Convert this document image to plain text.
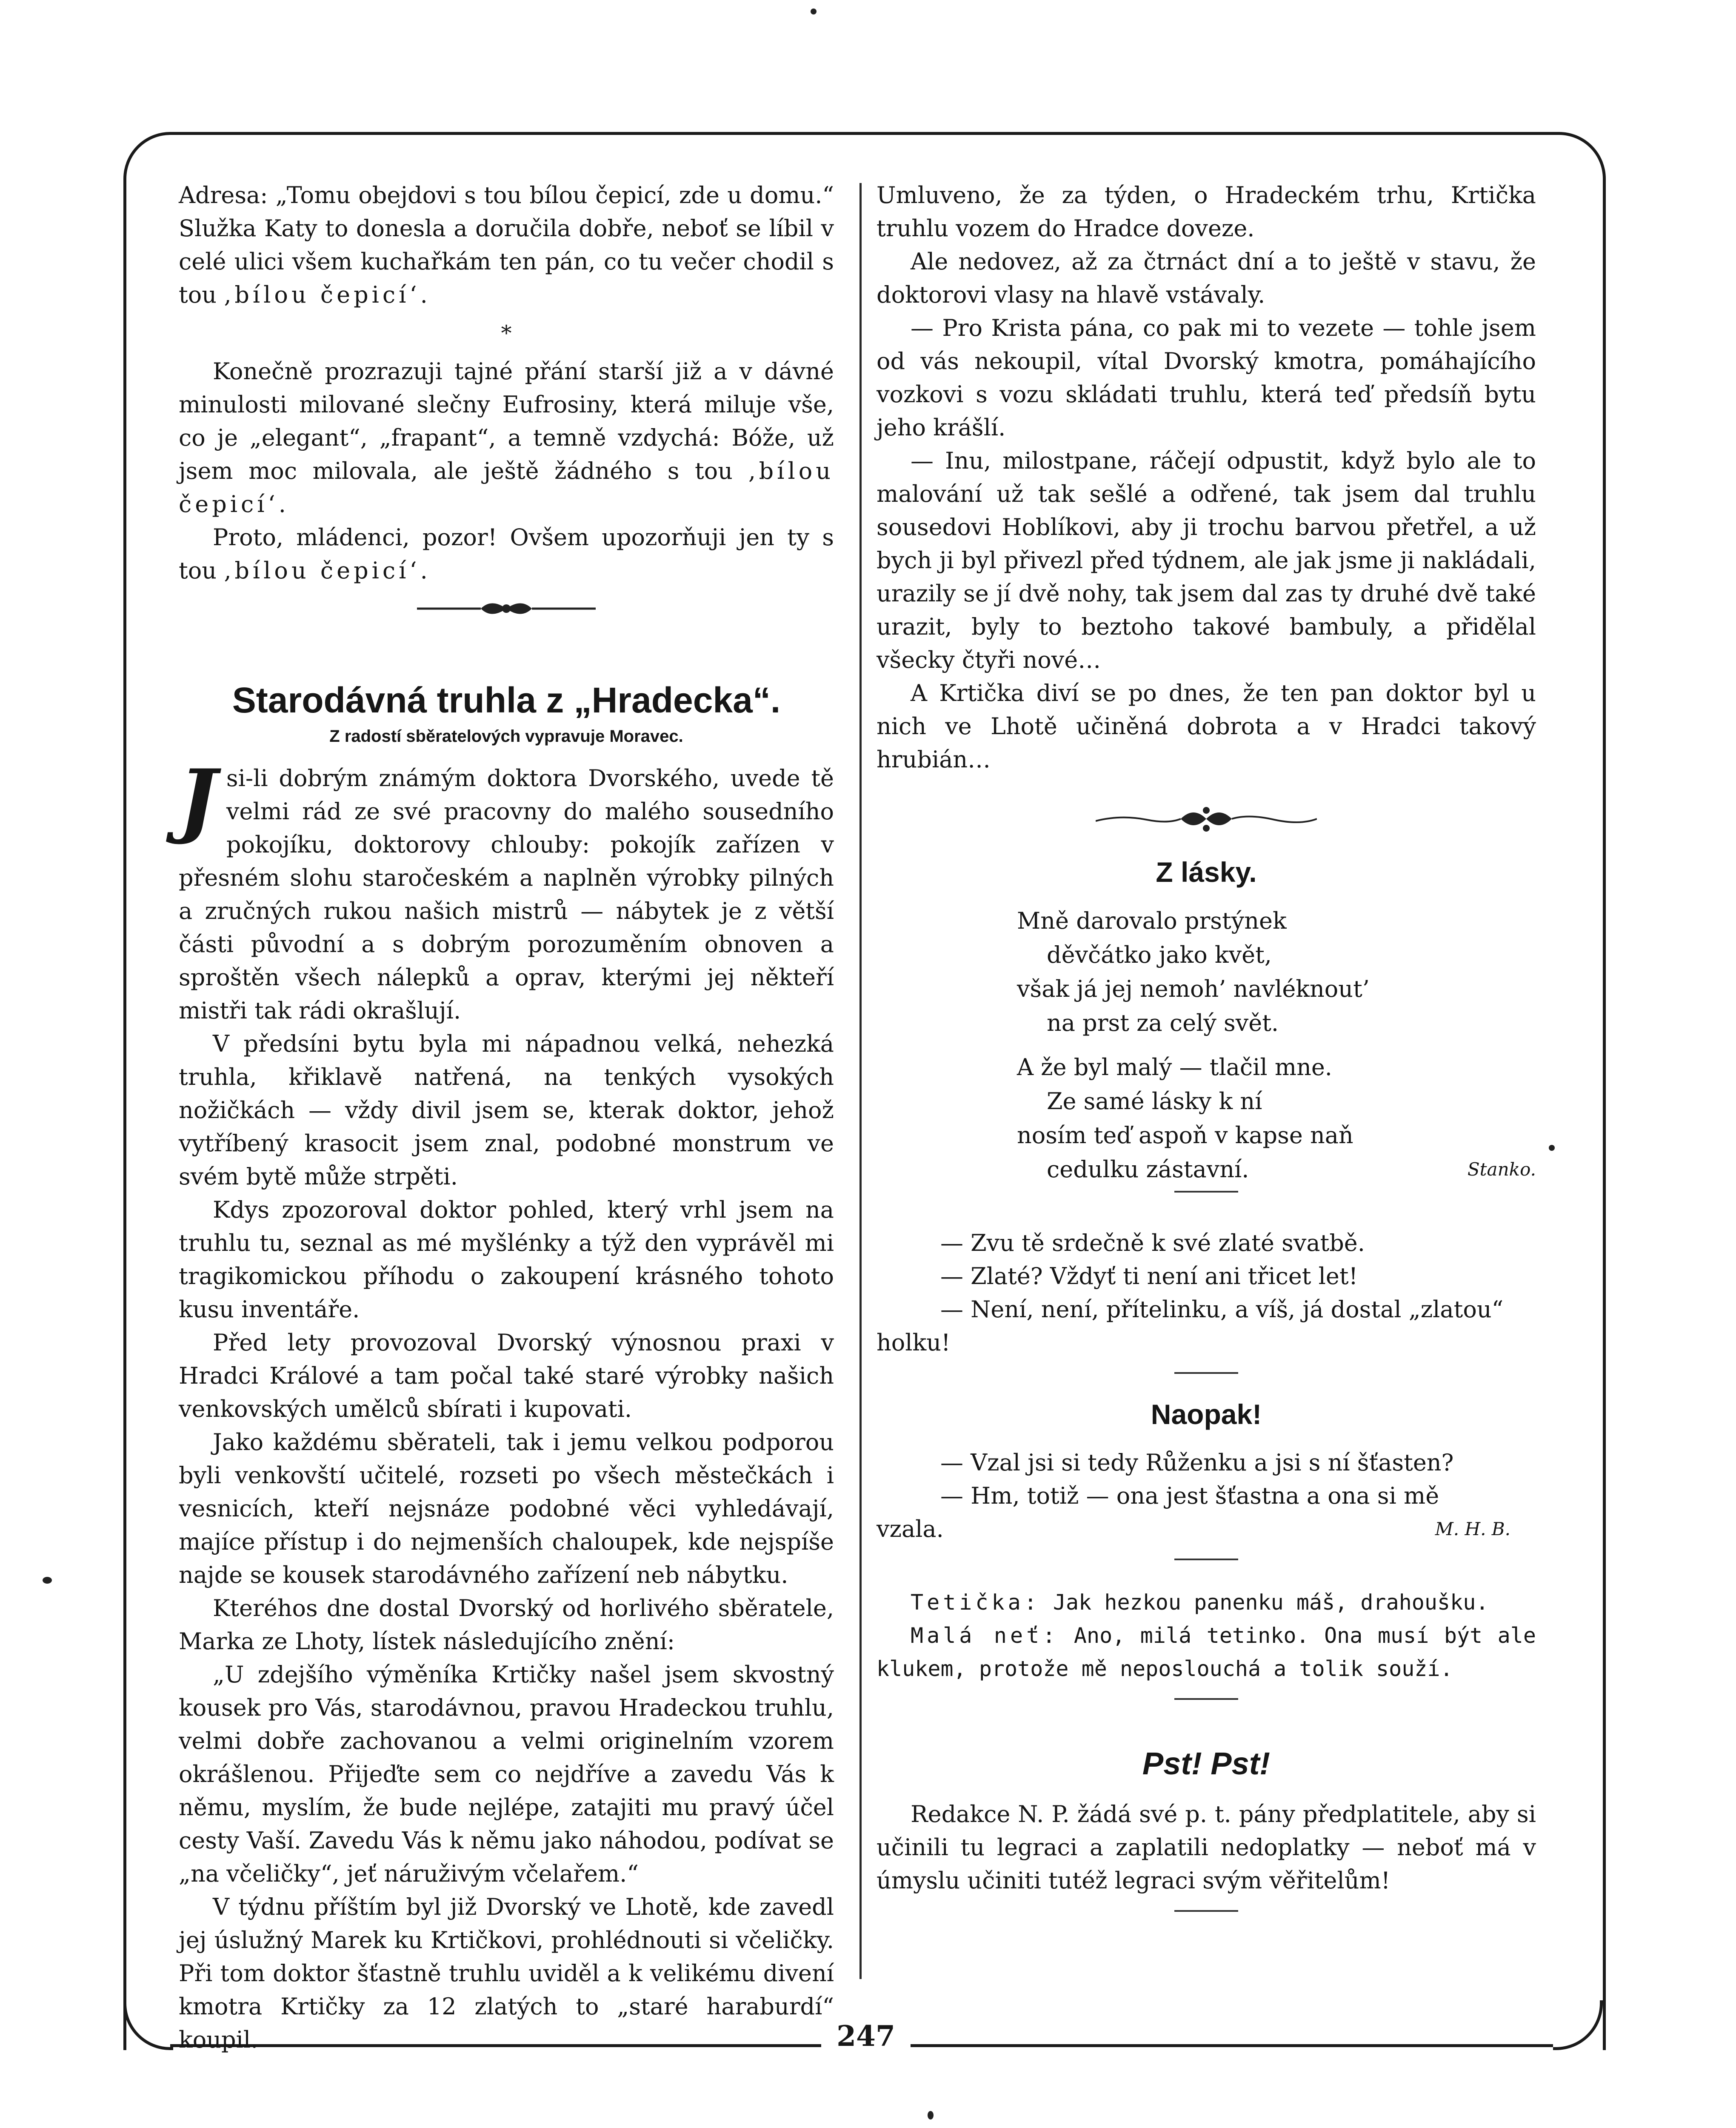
247

Adresa: „Tomu obejdovi s tou bílou čepicí, zde u domu.“ Služka Katy to donesla a doručila dobře, neboť se líbil v celé ulici všem kuchařkám ten pán, co tu večer chodil s tou ‚bílou čepicí‘.

*

Konečně prozrazuji tajné přání starší již a v dávné minulosti milované slečny Eufrosiny, která miluje vše, co je „elegant“, „frapant“, a temně vzdychá: Bóže, už jsem moc milovala, ale ještě žádného s tou ‚bílou čepicí‘.

Proto, mládenci, pozor! Ovšem upozorňuji jen ty s tou ‚bílou čepicí‘.

Starodávná truhla z „Hradecka“.
Z radostí sběratelových vypravuje Moravec.

Jsi-li dobrým známým doktora Dvorského, uvede tě velmi rád ze své pracovny do malého sousedního pokojíku, doktorovy chlouby: pokojík zařízen v přesném slohu staročeském a naplněn výrobky pilných a zručných rukou našich mistrů — nábytek je z větší části původní a s dobrým porozuměním obnoven a sproštěn všech nálepků a oprav, kterými jej někteří mistři tak rádi okrašlují.

V předsíni bytu byla mi nápadnou velká, nehezká truhla, křiklavě natřená, na tenkých vysokých nožičkách — vždy divil jsem se, kterak doktor, jehož vytříbený krasocit jsem znal, podobné monstrum ve svém bytě může strpěti.

Kdys zpozoroval doktor pohled, který vrhl jsem na truhlu tu, seznal as mé myšlénky a týž den vyprávěl mi tragikomickou příhodu o zakoupení krásného tohoto kusu inventáře.

Před lety provozoval Dvorský výnosnou praxi v Hradci Králové a tam počal také staré výrobky našich venkovských umělců sbírati i kupovati.

Jako každému sběrateli, tak i jemu velkou podporou byli venkovští učitelé, rozseti po všech městečkách i vesnicích, kteří nejsnáze podobné věci vyhledávají, majíce přístup i do nejmenších chaloupek, kde nejspíše najde se kousek starodávného zařízení neb nábytku.

Kteréhos dne dostal Dvorský od horlivého sběratele, Marka ze Lhoty, lístek následujícího znění:

„U zdejšího výměníka Krtičky našel jsem skvostný kousek pro Vás, starodávnou, pravou Hradeckou truhlu, velmi dobře zachovanou a velmi originelním vzorem okrášlenou. Přijeďte sem co nejdříve a zavedu Vás k němu, myslím, že bude nejlépe, zatajiti mu pravý účel cesty Vaší. Zavedu Vás k němu jako náhodou, podívat se „na včeličky“, jeť náruživým včelařem.“

V týdnu příštím byl již Dvorský ve Lhotě, kde zavedl jej úslužný Marek ku Krtičkovi, prohlédnouti si včeličky. Při tom doktor šťastně truhlu uviděl a k velikému divení kmotra Krtičky za 12 zlatých to „staré haraburdí“ koupil.

Umluveno, že za týden, o Hradeckém trhu, Krtička truhlu vozem do Hradce doveze.

Ale nedovez, až za čtrnáct dní a to ještě v stavu, že doktorovi vlasy na hlavě vstávaly.

— Pro Krista pána, co pak mi to vezete — tohle jsem od vás nekoupil, vítal Dvorský kmotra, pomáhajícího vozkovi s vozu skládati truhlu, která teď předsíň bytu jeho krášlí.

— Inu, milostpane, ráčejí odpustit, když bylo ale to malování už tak sešlé a odřené, tak jsem dal truhlu sousedovi Hoblíkovi, aby ji trochu barvou přetřel, a už bych ji byl přivezl před týdnem, ale jak jsme ji nakládali, urazily se jí dvě nohy, tak jsem dal zas ty druhé dvě také urazit, byly to beztoho takové bambuly, a přidělal všecky čtyři nové…

A Krtička diví se po dnes, že ten pan doktor byl u nich ve Lhotě učiněná dobrota a v Hradci takový hrubián…

Z lásky.
Mně darovalo prstýnek
děvčátko jako květ,
však já jej nemoh’ navléknout’
na prst za celý svět.
A že byl malý — tlačil mne.
Ze samé lásky k ní
nosím teď aspoň v kapse naň
cedulku zástavní.	Stanko.

— Zvu tě srdečně k své zlaté svatbě.

— Zlaté? Vždyť ti není ani třicet let!

— Není, není, přítelinku, a víš, já dostal „zlatou“

holku!

Naopak!

— Vzal jsi si tedy Růženku a jsi s ní šťasten?

— Hm, totiž — ona jest šťastna a ona si mě

vzala.	M. H. B.

Tetička: Jak hezkou panenku máš, drahoušku.

Malá neť: Ano, milá tetinko. Ona musí být ale klukem, protože mě neposlouchá a tolik souží.

Pst! Pst!

Redakce N. P. žádá své p. t. pány předplatitele, aby si učinili tu legraci a zaplatili nedoplatky — neboť má v úmyslu učiniti tutéž legraci svým věřitelům!
